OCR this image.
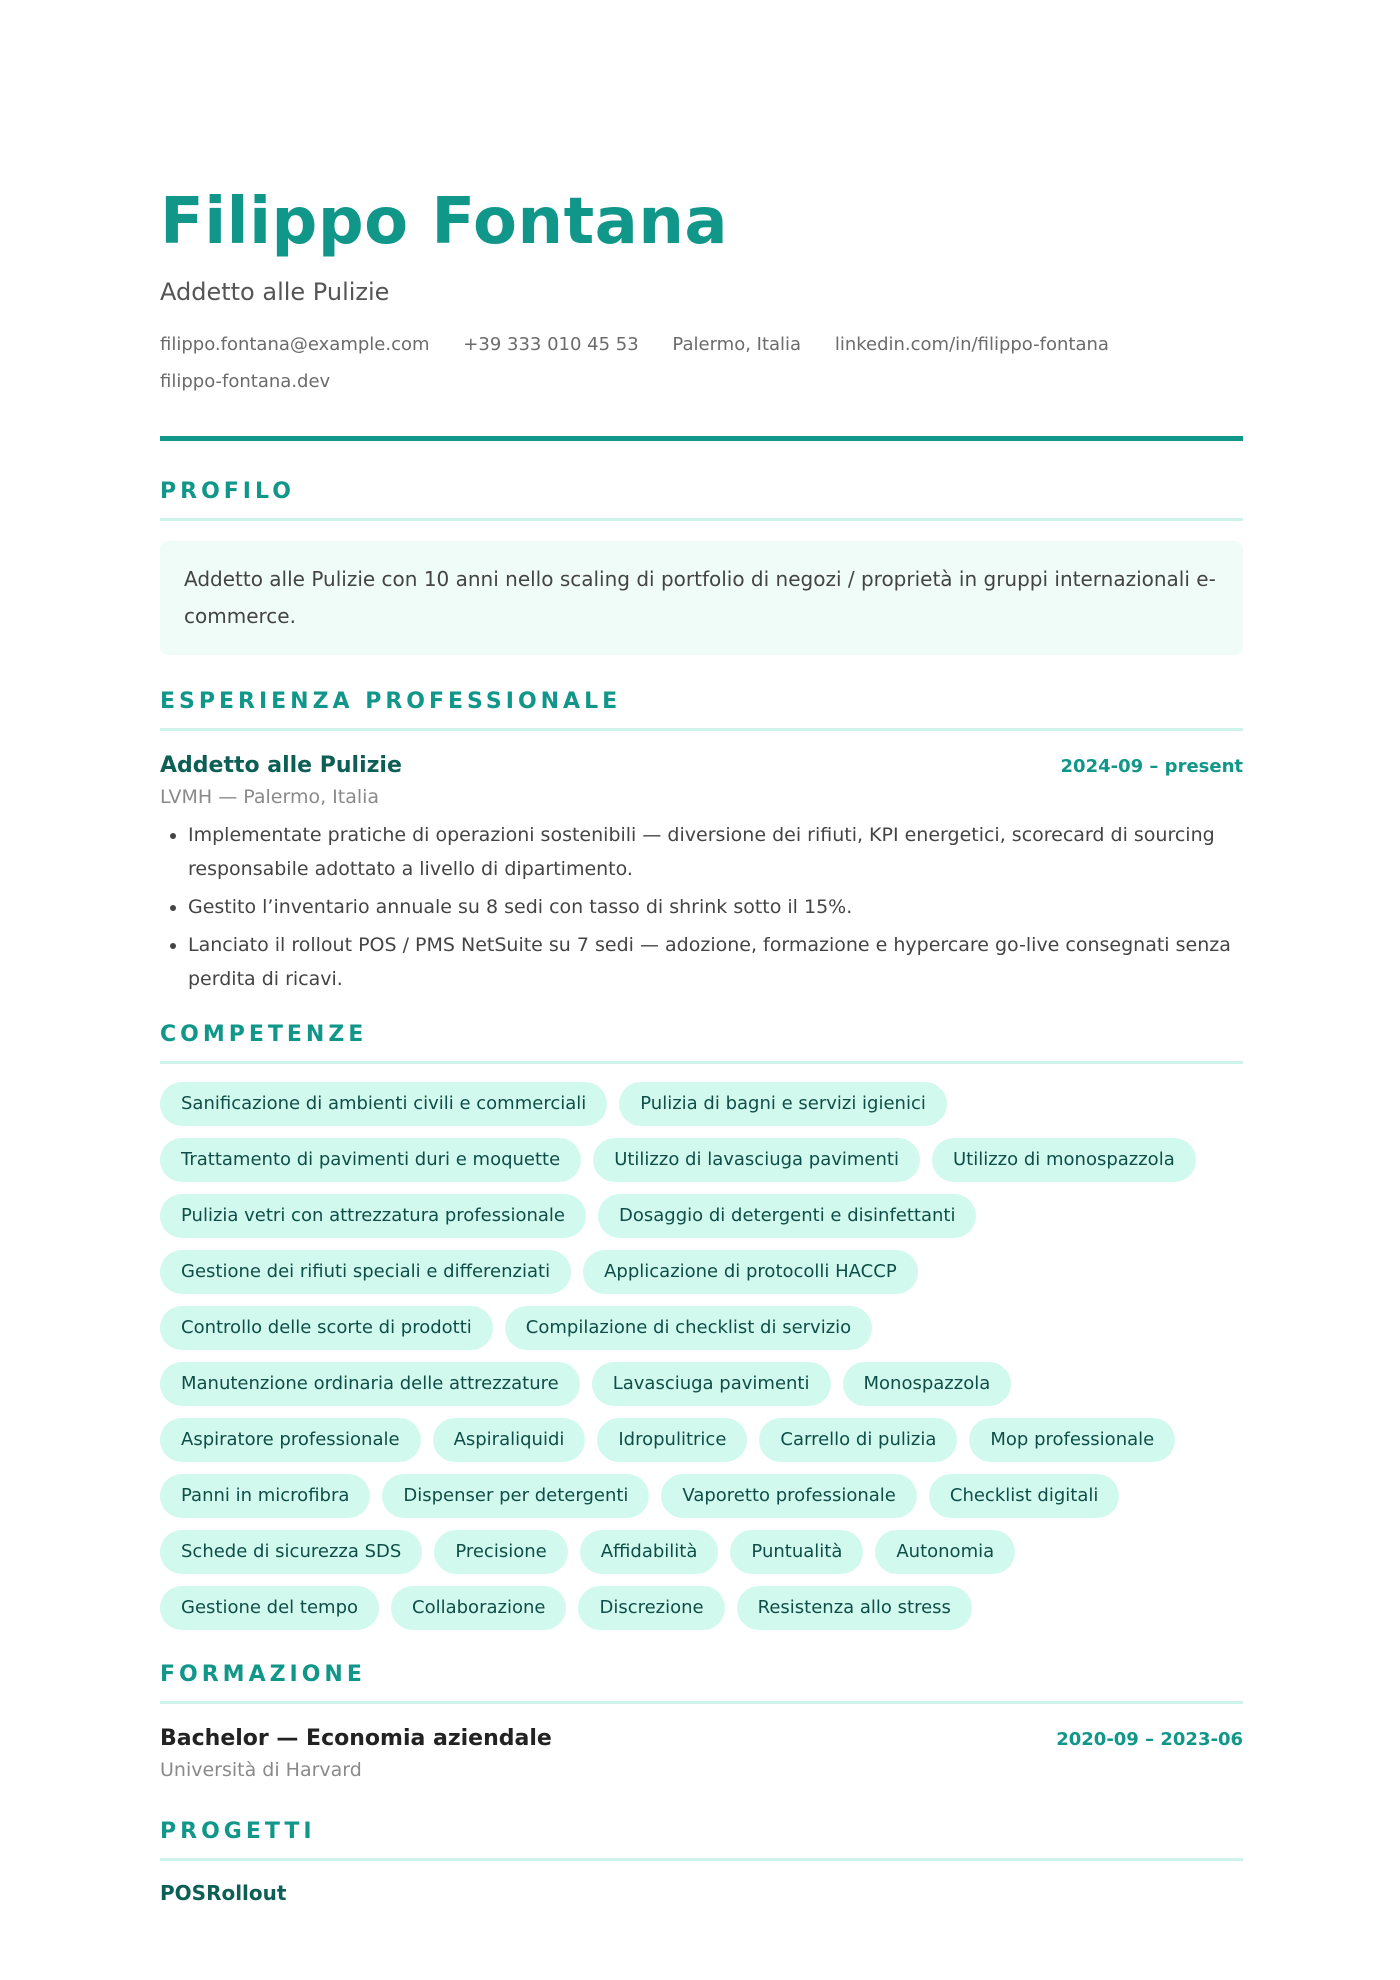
Filippo Fontana
Addetto alle Pulizie
filippo.fontana@example.com +39 333 010 45 53 Palermo, Italia linkedin.com/in/filippo-fontana
filippo-fontana.dev
PROFILO
Addetto alle Pulizie con 10 anni nello scaling di portfolio di negozi / proprietà in gruppi internazionali e-commerce.
ESPERIENZA PROFESSIONALE
Addetto alle Pulizie	2024-09 – present
LVMH — Palermo, Italia
• Implementate pratiche di operazioni sostenibili — diversione dei rifiuti, KPI energetici, scorecard di sourcing responsabile adottato a livello di dipartimento.
• Gestito l’inventario annuale su 8 sedi con tasso di shrink sotto il 15%.
• Lanciato il rollout POS / PMS NetSuite su 7 sedi — adozione, formazione e hypercare go-live consegnati senza perdita di ricavi.
COMPETENZE
Sanificazione di ambienti civili e commerciali	Pulizia di bagni e servizi igienici
Trattamento di pavimenti duri e moquette	Utilizzo di lavasciuga pavimenti	Utilizzo di monospazzola
Pulizia vetri con attrezzatura professionale	Dosaggio di detergenti e disinfettanti
Gestione dei rifiuti speciali e differenziati	Applicazione di protocolli HACCP
Controllo delle scorte di prodotti	Compilazione di checklist di servizio
Manutenzione ordinaria delle attrezzature	Lavasciuga pavimenti	Monospazzola
Aspiratore professionale	Aspiraliquidi	Idropulitrice	Carrello di pulizia	Mop professionale
Panni in microfibra	Dispenser per detergenti	Vaporetto professionale	Checklist digitali
Schede di sicurezza SDS	Precisione	Affidabilità	Puntualità	Autonomia
Gestione del tempo	Collaborazione	Discrezione	Resistenza allo stress
FORMAZIONE
Bachelor — Economia aziendale	2020-09 – 2023-06
Università di Harvard
PROGETTI
POSRollout
